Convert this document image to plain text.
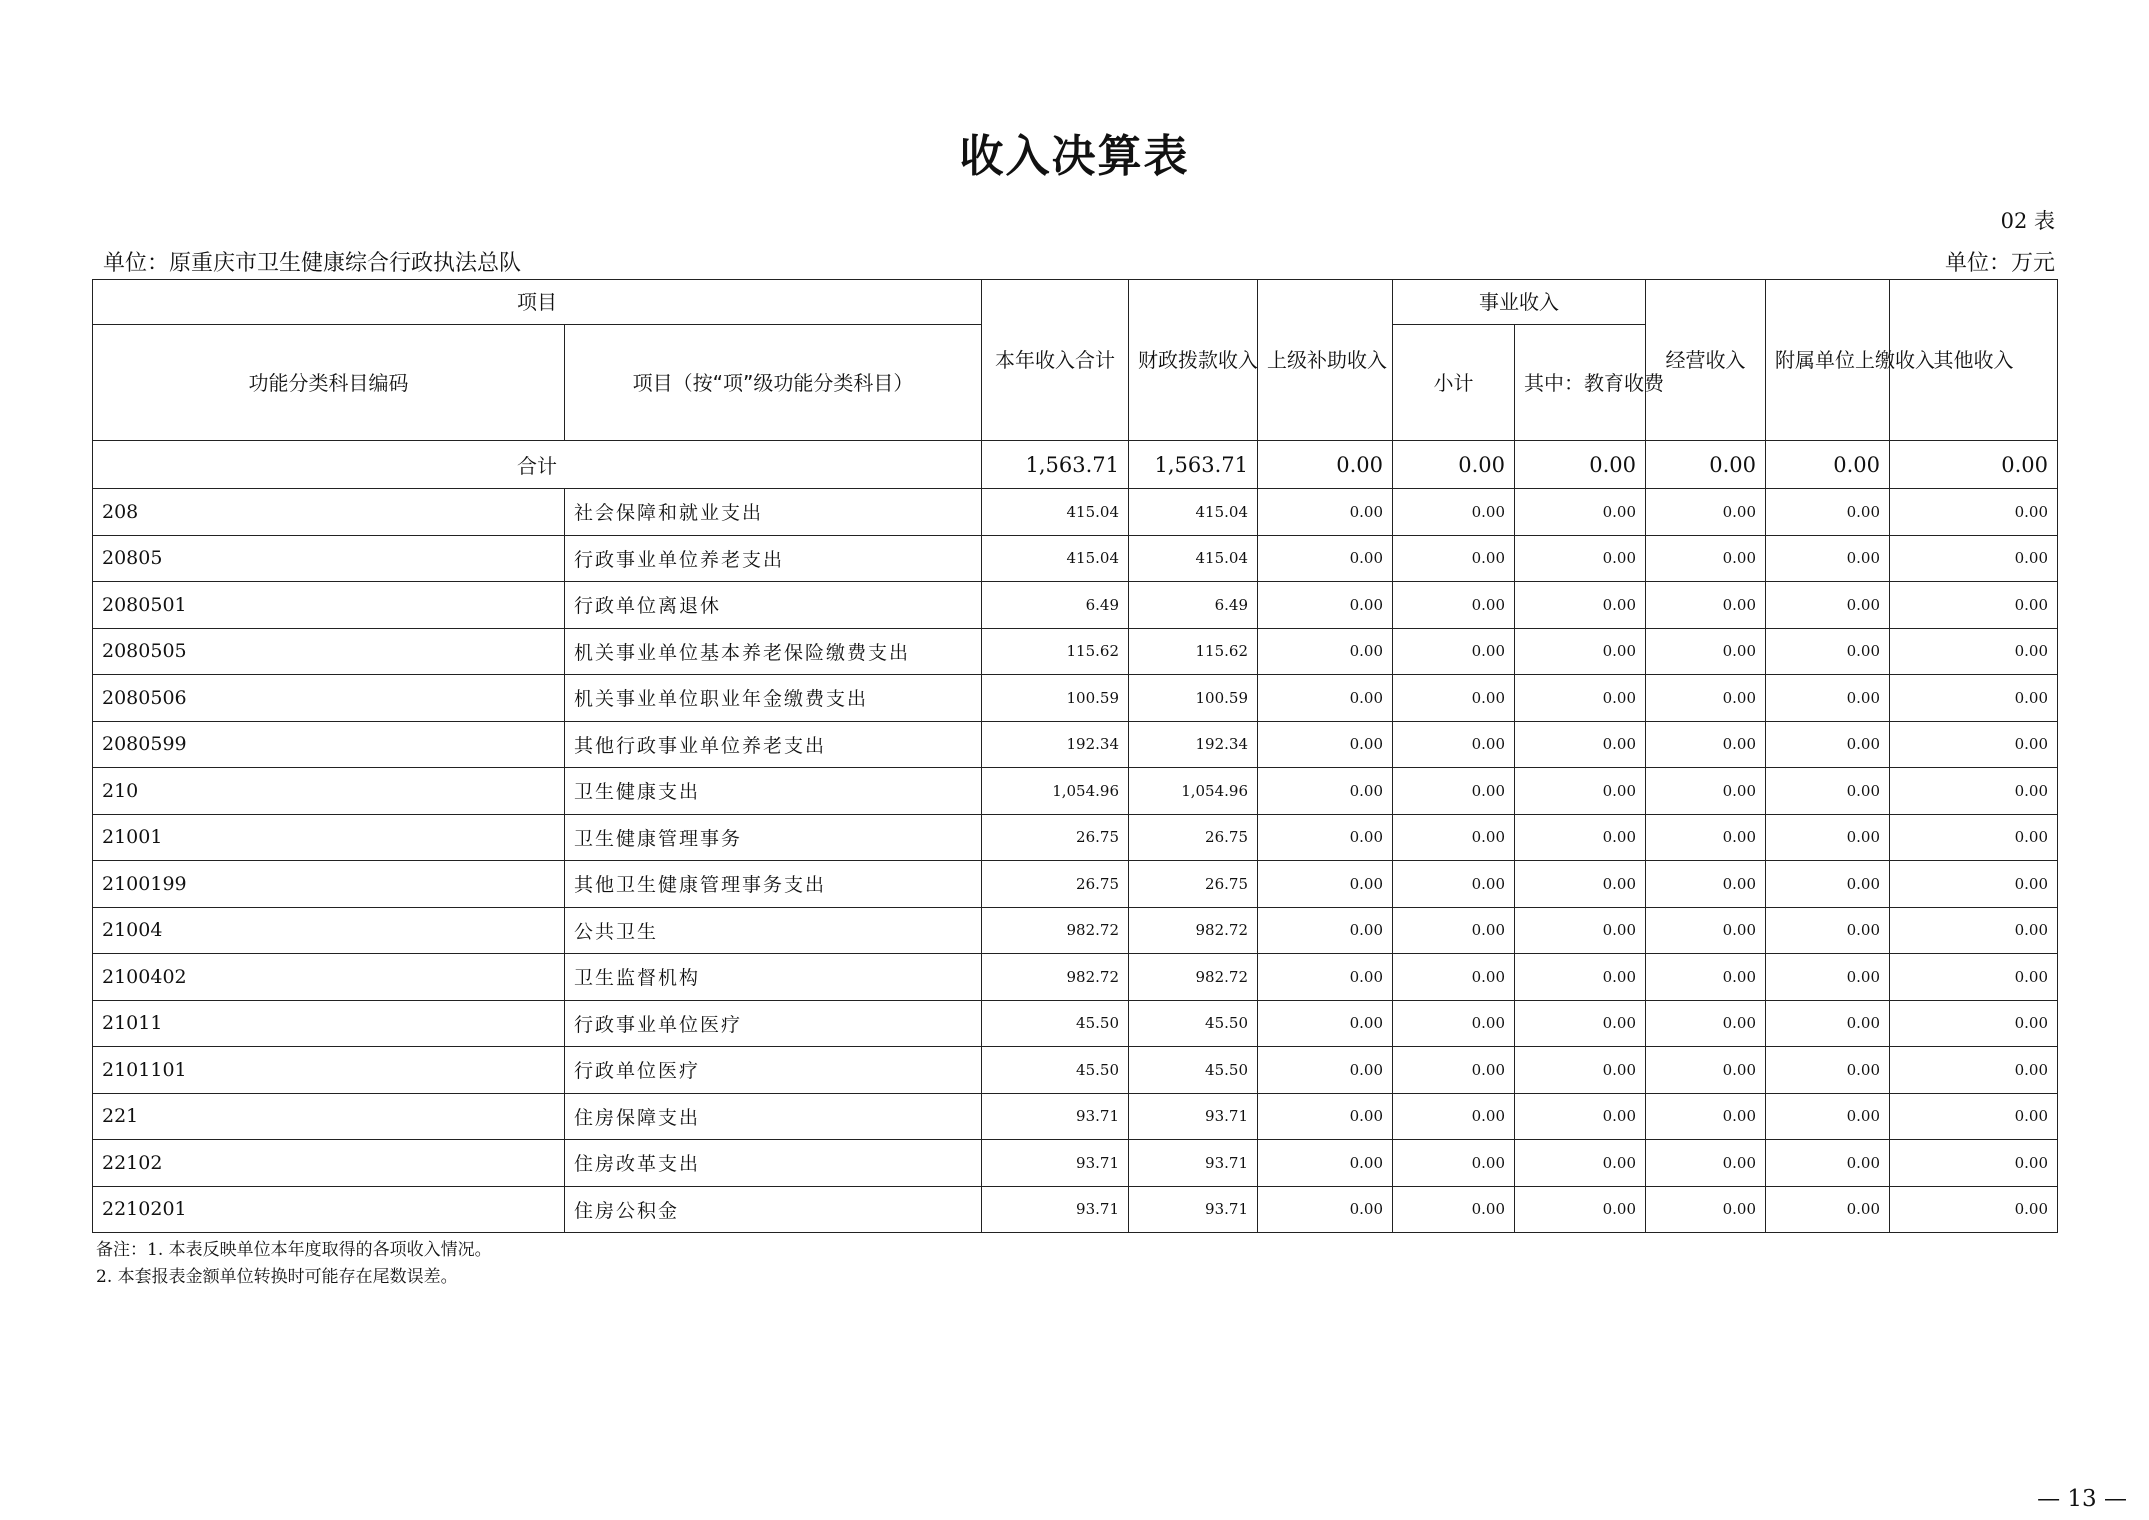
收入决算表
02 表
单位：原重庆市卫生健康综合行政执法总队	单位：万元
项目		本年收入合计	财政拨款收入	上级补助收入	事业收入		经营收入	附属单位上缴收入	其他收入
功能分类科目编码	项目（按“项”级功能分类科目）				小计	其中：教育收费			
合计		1,563.71	1,563.71	0.00	0.00	0.00	0.00	0.00	0.00
208	社会保障和就业支出	415.04	415.04	0.00	0.00	0.00	0.00	0.00	0.00
20805	行政事业单位养老支出	415.04	415.04	0.00	0.00	0.00	0.00	0.00	0.00
2080501	行政单位离退休	6.49	6.49	0.00	0.00	0.00	0.00	0.00	0.00
2080505	机关事业单位基本养老保险缴费支出	115.62	115.62	0.00	0.00	0.00	0.00	0.00	0.00
2080506	机关事业单位职业年金缴费支出	100.59	100.59	0.00	0.00	0.00	0.00	0.00	0.00
2080599	其他行政事业单位养老支出	192.34	192.34	0.00	0.00	0.00	0.00	0.00	0.00
210	卫生健康支出	1,054.96	1,054.96	0.00	0.00	0.00	0.00	0.00	0.00
21001	卫生健康管理事务	26.75	26.75	0.00	0.00	0.00	0.00	0.00	0.00
2100199	其他卫生健康管理事务支出	26.75	26.75	0.00	0.00	0.00	0.00	0.00	0.00
21004	公共卫生	982.72	982.72	0.00	0.00	0.00	0.00	0.00	0.00
2100402	卫生监督机构	982.72	982.72	0.00	0.00	0.00	0.00	0.00	0.00
21011	行政事业单位医疗	45.50	45.50	0.00	0.00	0.00	0.00	0.00	0.00
2101101	行政单位医疗	45.50	45.50	0.00	0.00	0.00	0.00	0.00	0.00
221	住房保障支出	93.71	93.71	0.00	0.00	0.00	0.00	0.00	0.00
22102	住房改革支出	93.71	93.71	0.00	0.00	0.00	0.00	0.00	0.00
2210201	住房公积金	93.71	93.71	0.00	0.00	0.00	0.00	0.00	0.00
备注：1. 本表反映单位本年度取得的各项收入情况。
2. 本套报表金额单位转换时可能存在尾数误差。
— 13 —
